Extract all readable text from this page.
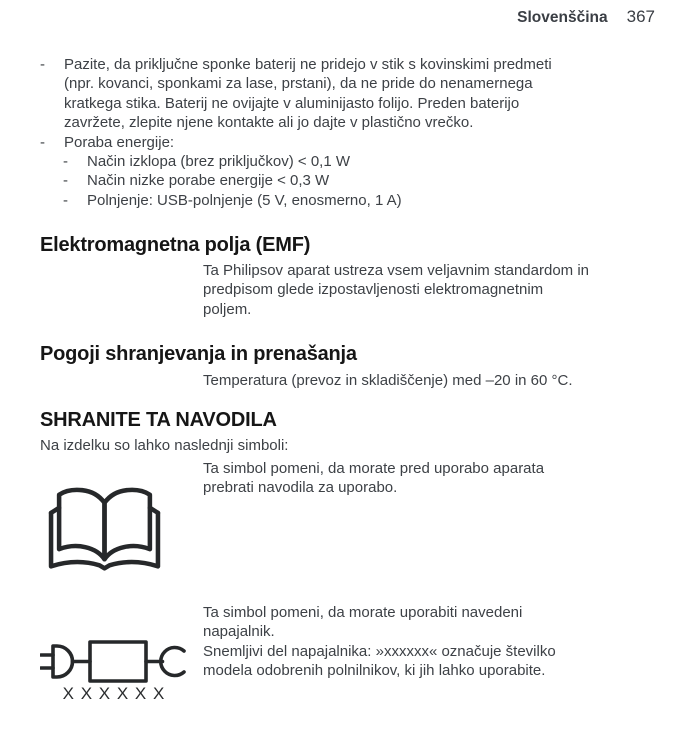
Slovenščina 367
-	Pazite, da priključne sponke baterij ne pridejo v stik s kovinskimi predmeti
(npr. kovanci, sponkami za lase, prstani), da ne pride do nenamernega
kratkega stika. Baterij ne ovijajte v aluminijasto folijo. Preden baterijo
zavržete, zlepite njene kontakte ali jo dajte v plastično vrečko.
-	Poraba energije:
-	Način izklopa (brez priključkov) < 0,1 W
-	Način nizke porabe energije < 0,3 W
-	Polnjenje: USB-polnjenje (5 V, enosmerno, 1 A)
Elektromagnetna polja (EMF)
Ta Philipsov aparat ustreza vsem veljavnim standardom in
predpisom glede izpostavljenosti elektromagnetnim
poljem.
Pogoji shranjevanja in prenašanja
Temperatura (prevoz in skladiščenje) med –20 in 60 °C.
SHRANITE TA NAVODILA
Na izdelku so lahko naslednji simboli:
Ta simbol pomeni, da morate pred uporabo aparata
prebrati navodila za uporabo.
Ta simbol pomeni, da morate uporabiti navedeni
napajalnik.
Snemljivi del napajalnika: »xxxxxx« označuje številko
modela odobrenih polnilnikov, ki jih lahko uporabite.
X X X X X X
